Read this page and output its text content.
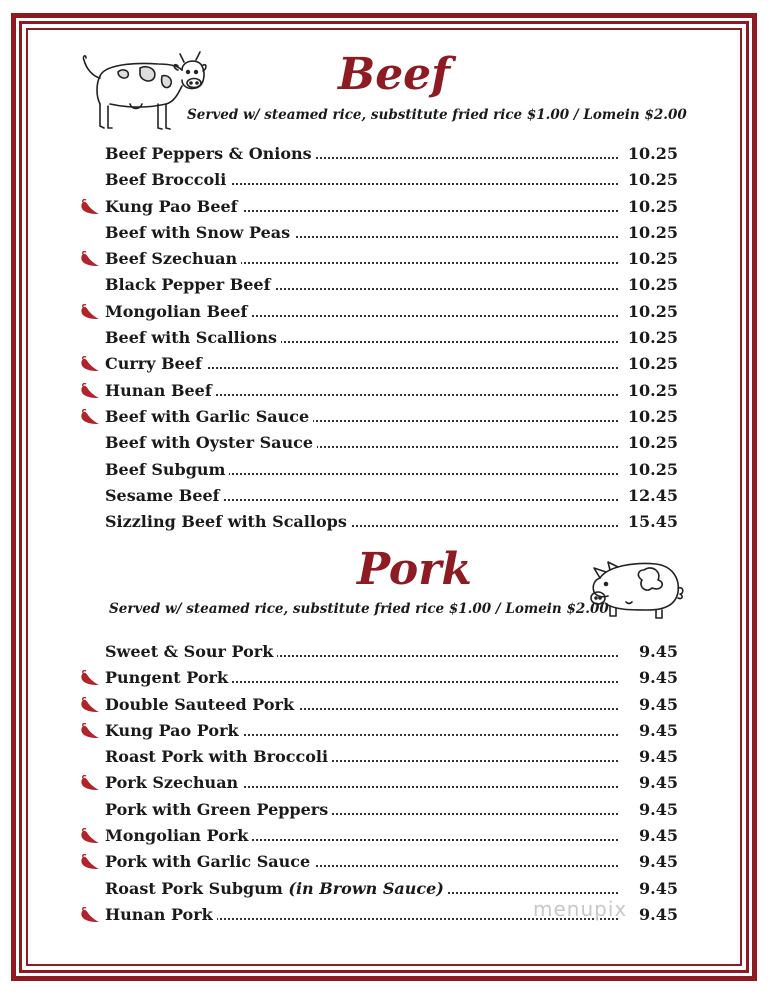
Beef

Served w/ steamed rice, substitute fried rice $1.00 / Lomein $2.00

Beef Peppers & Onions	10.25
Beef Broccoli	10.25
Kung Pao Beef	10.25
Beef with Snow Peas	10.25
Beef Szechuan	10.25
Black Pepper Beef	10.25
Mongolian Beef	10.25
Beef with Scallions	10.25
Curry Beef	10.25
Hunan Beef	10.25
Beef with Garlic Sauce	10.25
Beef with Oyster Sauce	10.25
Beef Subgum	10.25
Sesame Beef	12.45
Sizzling Beef with Scallops	15.45
Pork

Served w/ steamed rice, substitute fried rice $1.00 / Lomein $2.00

Sweet & Sour Pork	9.45
Pungent Pork	9.45
Double Sauteed Pork	9.45
Kung Pao Pork	9.45
Roast Pork with Broccoli	9.45
Pork Szechuan	9.45
Pork with Green Peppers	9.45
Mongolian Pork	9.45
Pork with Garlic Sauce	9.45
Roast Pork Subgum (in Brown Sauce)	9.45
Hunan Pork	9.45
menupix
